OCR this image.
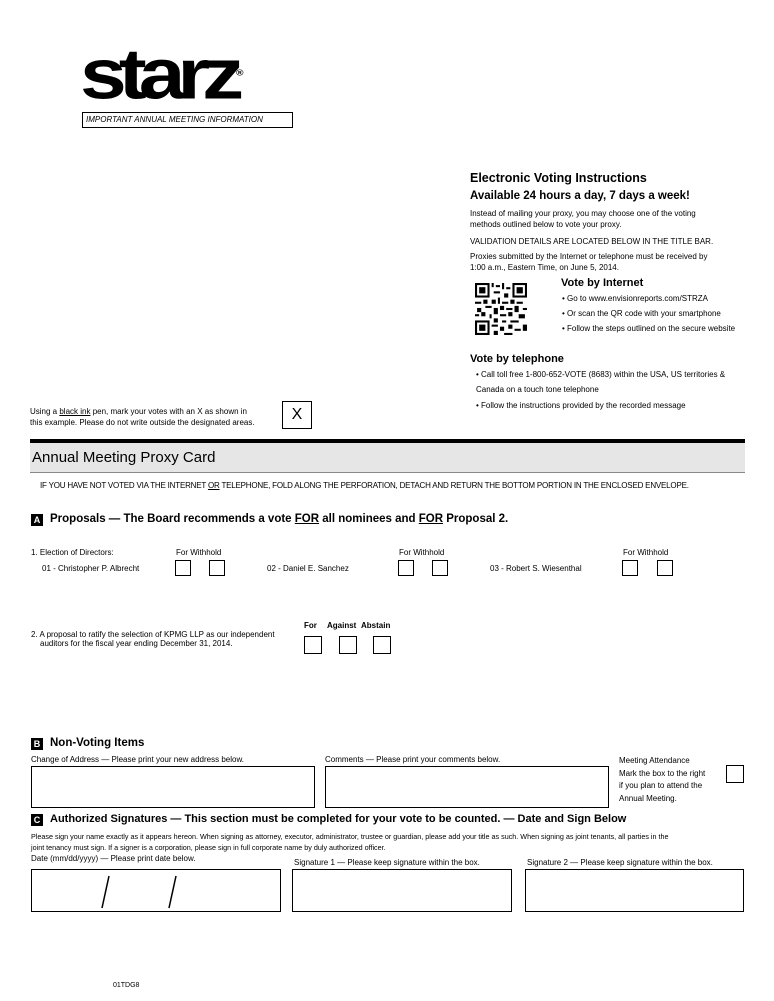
starz®
IMPORTANT ANNUAL MEETING INFORMATION
Electronic Voting Instructions
Available 24 hours a day, 7 days a week!
Instead of mailing your proxy, you may choose one of the voting
methods outlined below to vote your proxy.
VALIDATION DETAILS ARE LOCATED BELOW IN THE TITLE BAR.
Proxies submitted by the Internet or telephone must be received by
1:00 a.m., Eastern Time, on June 5, 2014.
Vote by Internet
• Go to www.envisionreports.com/STRZA
• Or scan the QR code with your smartphone
• Follow the steps outlined on the secure website
Vote by telephone
• Call toll free 1-800-652-VOTE (8683) within the USA, US territories &
Canada on a touch tone telephone
• Follow the instructions provided by the recorded message
Using a black ink pen, mark your votes with an X as shown in
this example. Please do not write outside the designated areas.	X
Annual Meeting Proxy Card
IF YOU HAVE NOT VOTED VIA THE INTERNET OR TELEPHONE, FOLD ALONG THE PERFORATION, DETACH AND RETURN THE BOTTOM PORTION IN THE ENCLOSED ENVELOPE.
A Proposals — The Board recommends a vote FOR all nominees and FOR Proposal 2.
1. Election of Directors:	For Withhold	For Withhold	For Withhold
01 - Christopher P. Albrecht	02 - Daniel E. Sanchez	03 - Robert S. Wiesenthal
For Against Abstain
2. A proposal to ratify the selection of KPMG LLP as our independent
auditors for the fiscal year ending December 31, 2014.
B Non-Voting Items
Change of Address — Please print your new address below.	Comments — Please print your comments below.	Meeting Attendance
Mark the box to the right
if you plan to attend the
Annual Meeting.
C Authorized Signatures — This section must be completed for your vote to be counted. — Date and Sign Below
Please sign your name exactly as it appears hereon. When signing as attorney, executor, administrator, trustee or guardian, please add your title as such. When signing as joint tenants, all parties in the
joint tenancy must sign. If a signer is a corporation, please sign in full corporate name by duly authorized officer.
Date (mm/dd/yyyy) — Please print date below.	Signature 1 — Please keep signature within the box.	Signature 2 — Please keep signature within the box.
01TDG8
